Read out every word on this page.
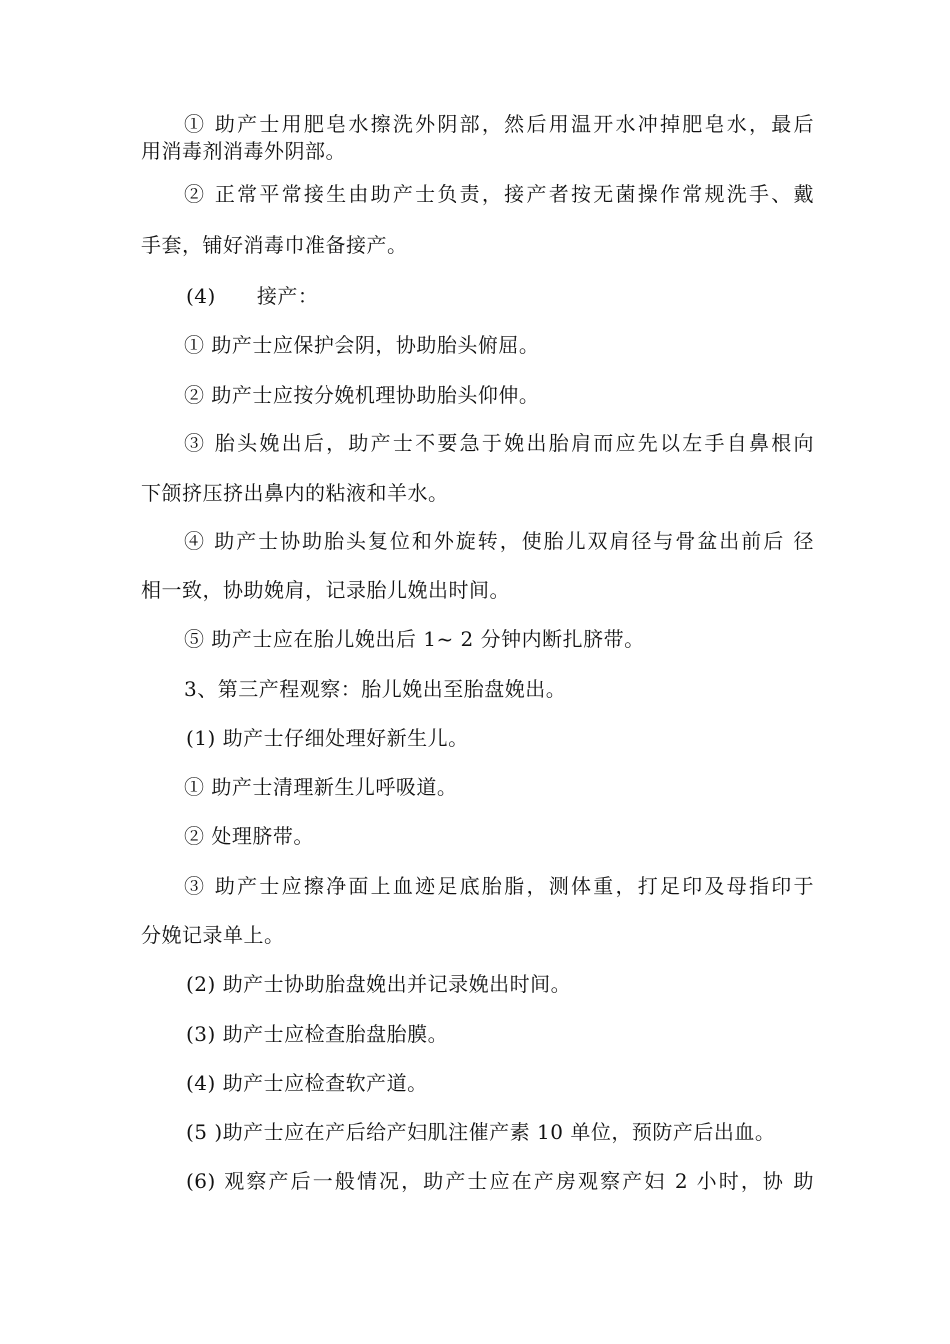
① 助产士用肥皂水擦洗外阴部，然后用温开水冲掉肥皂水，最后
用消毒剂消毒外阴部。
② 正常平常接生由助产士负责，接产者按无菌操作常规洗手、戴
手套，铺好消毒巾准备接产。
(4)　　接产：
① 助产士应保护会阴，协助胎头俯屈。
② 助产士应按分娩机理协助胎头仰伸。
③ 胎头娩出后，助产士不要急于娩出胎肩而应先以左手自鼻根向
下颌挤压挤出鼻内的粘液和羊水。
④ 助产士协助胎头复位和外旋转，使胎儿双肩径与骨盆出前后 径
相一致，协助娩肩，记录胎儿娩出时间。
⑤ 助产士应在胎儿娩出后 1~ 2 分钟内断扎脐带。
3、第三产程观察：胎儿娩出至胎盘娩出。
(1) 助产士仔细处理好新生儿。
① 助产士清理新生儿呼吸道。
② 处理脐带。
③ 助产士应擦净面上血迹足底胎脂，测体重，打足印及母指印于
分娩记录单上。
(2) 助产士协助胎盘娩出并记录娩出时间。
(3) 助产士应检查胎盘胎膜。
(4) 助产士应检查软产道。
(5 )助产士应在产后给产妇肌注催产素 10 单位，预防产后出血。
(6) 观察产后一般情况，助产士应在产房观察产妇 2 小时，协 助
